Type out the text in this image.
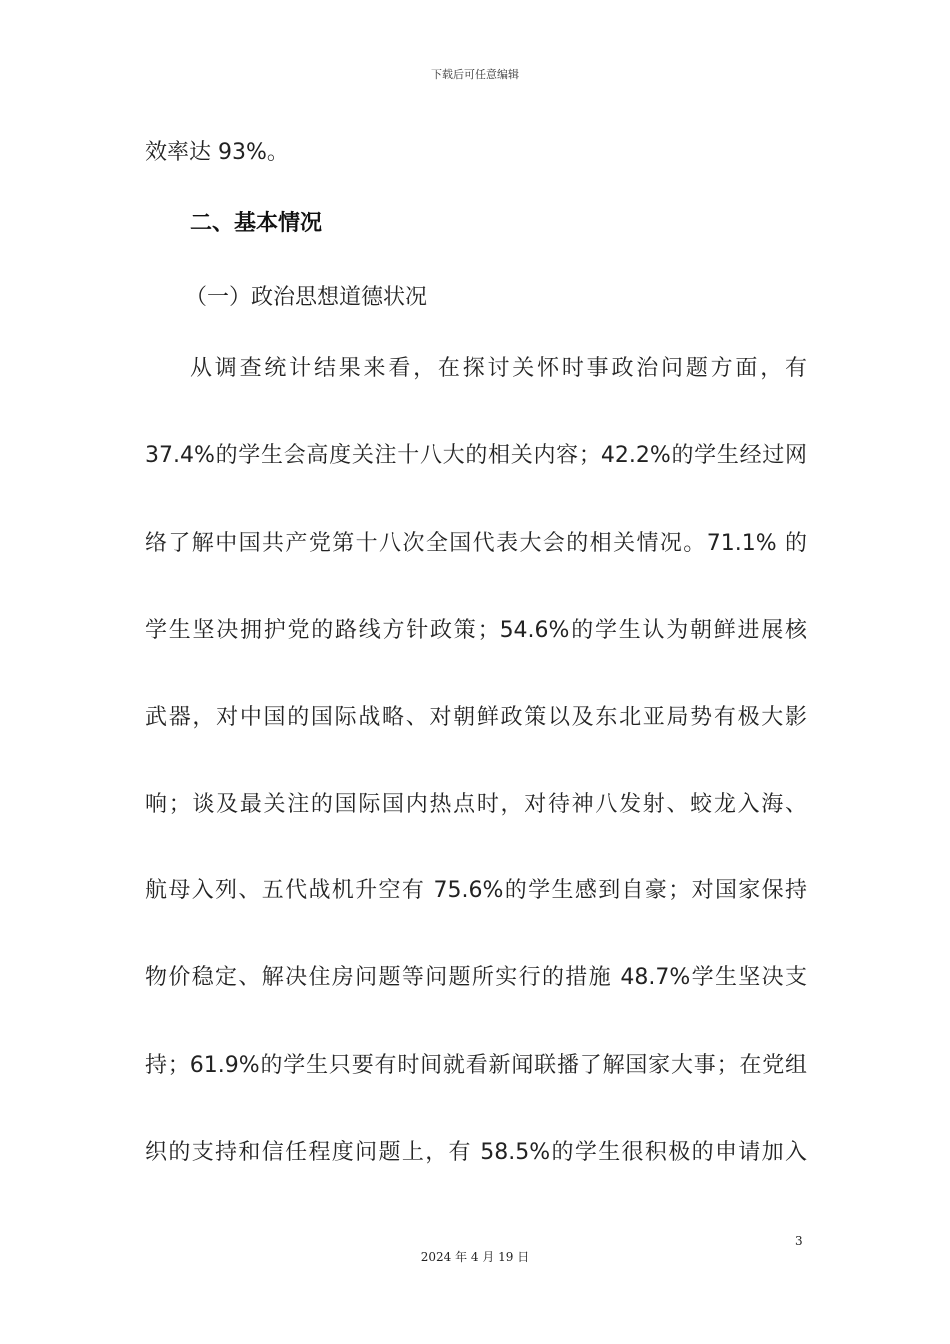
下载后可任意编辑
效率达 93%。
二、基本情况
（一）政治思想道德状况
从调查统计结果来看，在探讨关怀时事政治问题方面，有
37.4%的学生会高度关注十八大的相关内容；42.2%的学生经过网
络了解中国共产党第十八次全国代表大会的相关情况。71.1% 的
学生坚决拥护党的路线方针政策；54.6%的学生认为朝鲜进展核
武器，对中国的国际战略、对朝鲜政策以及东北亚局势有极大影
响；谈及最关注的国际国内热点时，对待神八发射、蛟龙入海、
航母入列、五代战机升空有 75.6%的学生感到自豪；对国家保持
物价稳定、解决住房问题等问题所实行的措施 48.7%学生坚决支
持；61.9%的学生只要有时间就看新闻联播了解国家大事；在党组
织的支持和信任程度问题上，有 58.5%的学生很积极的申请加入
3
2024 年 4 月 19 日
